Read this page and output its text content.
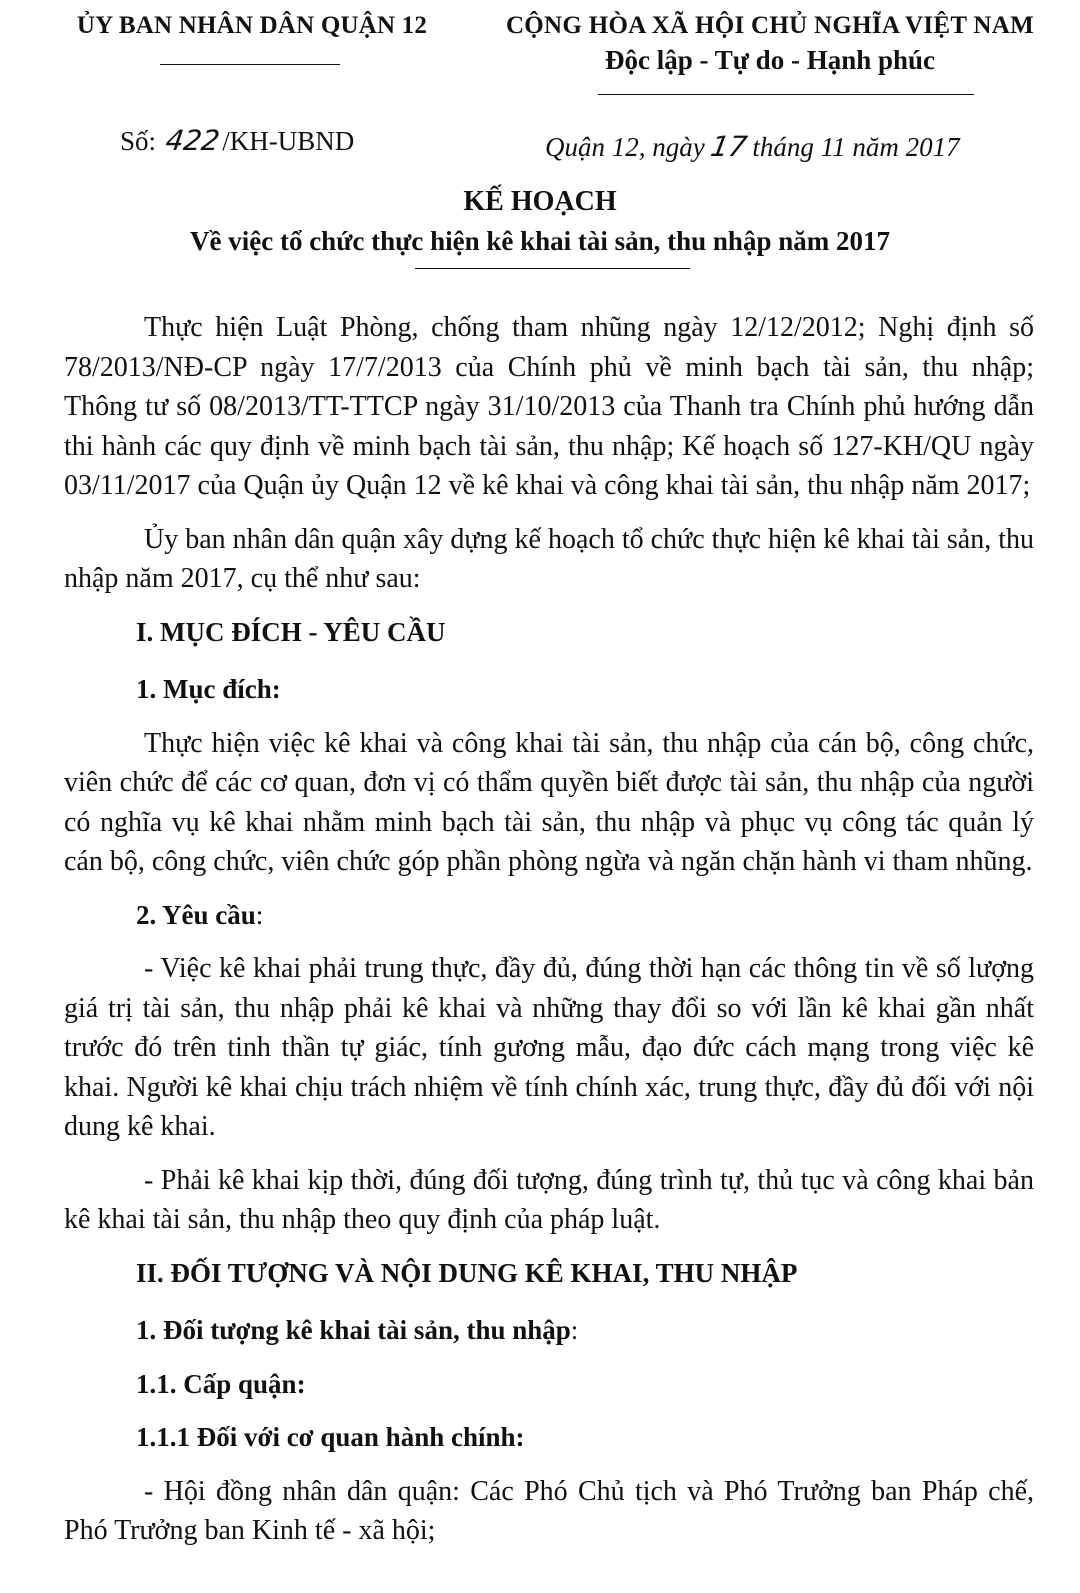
ỦY BAN NHÂN DÂN QUẬN 12	CỘNG HÒA XÃ HỘI CHỦ NGHĨA VIỆT NAM
Độc lập - Tự do - Hạnh phúc
Số: 422/KH-UBND	Quận 12, ngày 17 tháng 11 năm 2017
KẾ HOẠCH
Về việc tổ chức thực hiện kê khai tài sản, thu nhập năm 2017

Thực hiện Luật Phòng, chống tham nhũng ngày 12/12/2012; Nghị định số 78/2013/NĐ-CP ngày 17/7/2013 của Chính phủ về minh bạch tài sản, thu nhập; Thông tư số 08/2013/TT-TTCP ngày 31/10/2013 của Thanh tra Chính phủ hướng dẫn thi hành các quy định về minh bạch tài sản, thu nhập; Kế hoạch số 127-KH/QU ngày 03/11/2017 của Quận ủy Quận 12 về kê khai và công khai tài sản, thu nhập năm 2017;

Ủy ban nhân dân quận xây dựng kế hoạch tổ chức thực hiện kê khai tài sản, thu nhập năm 2017, cụ thể như sau:

I. MỤC ĐÍCH - YÊU CẦU
1. Mục đích:

Thực hiện việc kê khai và công khai tài sản, thu nhập của cán bộ, công chức, viên chức để các cơ quan, đơn vị có thẩm quyền biết được tài sản, thu nhập của người có nghĩa vụ kê khai nhằm minh bạch tài sản, thu nhập và phục vụ công tác quản lý cán bộ, công chức, viên chức góp phần phòng ngừa và ngăn chặn hành vi tham nhũng.

2. Yêu cầu:

- Việc kê khai phải trung thực, đầy đủ, đúng thời hạn các thông tin về số lượng giá trị tài sản, thu nhập phải kê khai và những thay đổi so với lần kê khai gần nhất trước đó trên tinh thần tự giác, tính gương mẫu, đạo đức cách mạng trong việc kê khai. Người kê khai chịu trách nhiệm về tính chính xác, trung thực, đầy đủ đối với nội dung kê khai.

- Phải kê khai kịp thời, đúng đối tượng, đúng trình tự, thủ tục và công khai bản kê khai tài sản, thu nhập theo quy định của pháp luật.

II. ĐỐI TƯỢNG VÀ NỘI DUNG KÊ KHAI, THU NHẬP
1. Đối tượng kê khai tài sản, thu nhập:
1.1. Cấp quận:
1.1.1 Đối với cơ quan hành chính:

- Hội đồng nhân dân quận: Các Phó Chủ tịch và Phó Trưởng ban Pháp chế, Phó Trưởng ban Kinh tế - xã hội;
